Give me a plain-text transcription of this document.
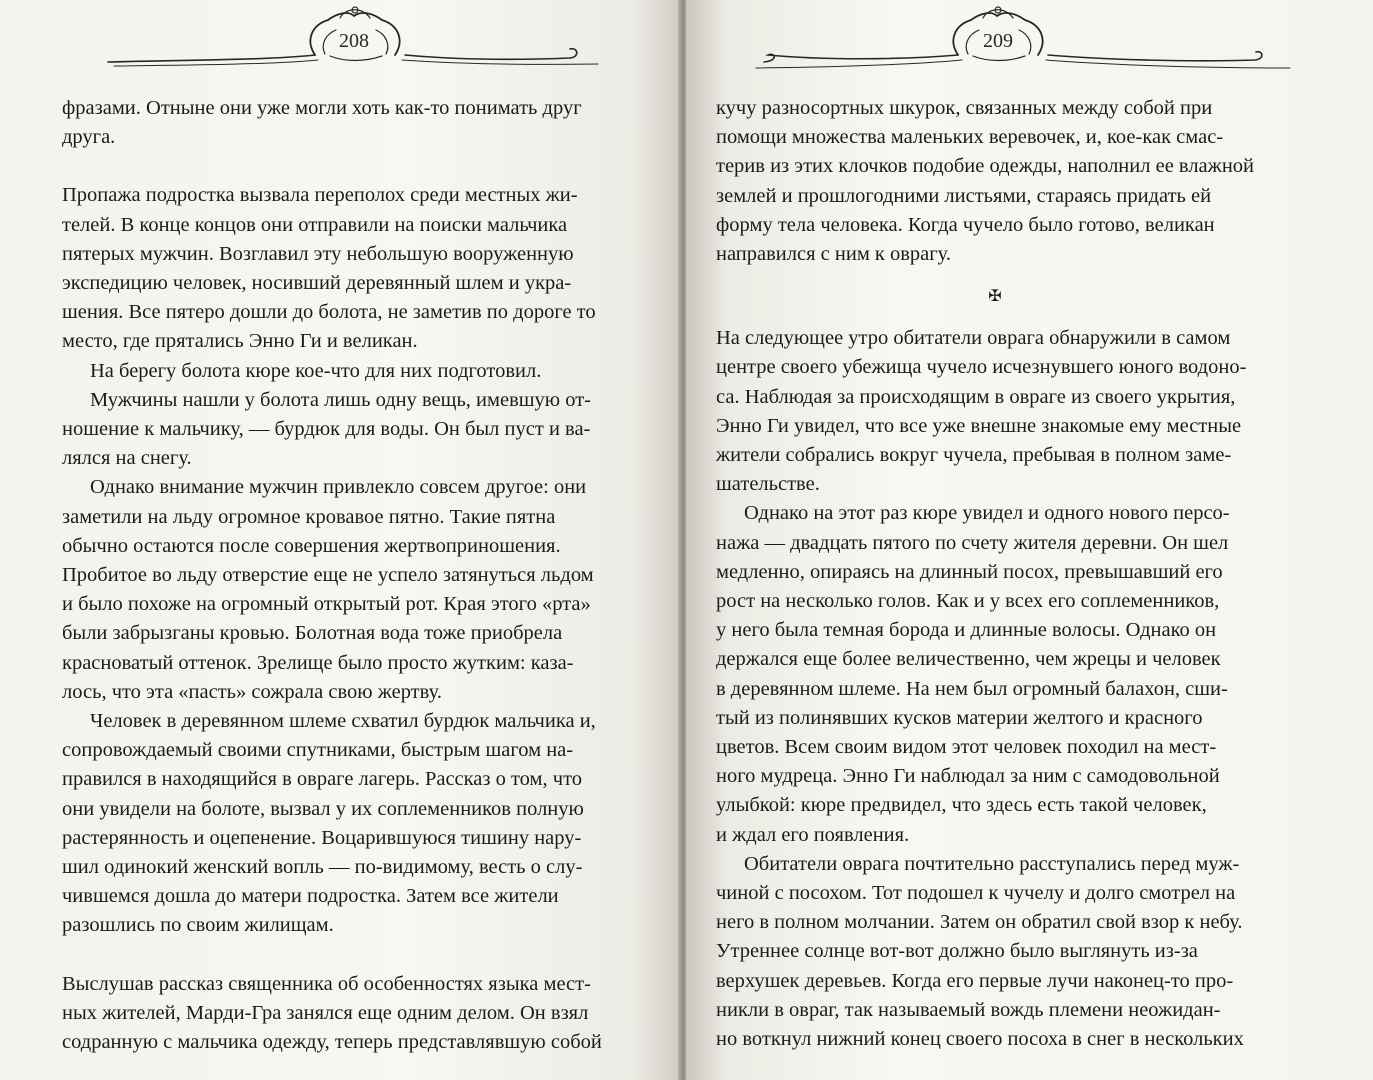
208
фразами. Отныне они уже могли хоть как-то понимать друг
друга.
Пропажа подростка вызвала переполох среди местных жи-
телей. В конце концов они отправили на поиски мальчика
пятерых мужчин. Возглавил эту небольшую вооруженную
экспедицию человек, носивший деревянный шлем и укра-
шения. Все пятеро дошли до болота, не заметив по дороге то
место, где прятались Энно Ги и великан.
На берегу болота кюре кое-что для них подготовил.
Мужчины нашли у болота лишь одну вещь, имевшую от-
ношение к мальчику, — бурдюк для воды. Он был пуст и ва-
лялся на снегу.
Однако внимание мужчин привлекло совсем другое: они
заметили на льду огромное кровавое пятно. Такие пятна
обычно остаются после совершения жертвоприношения.
Пробитое во льду отверстие еще не успело затянуться льдом
и было похоже на огромный открытый рот. Края этого «рта»
были забрызганы кровью. Болотная вода тоже приобрела
красноватый оттенок. Зрелище было просто жутким: каза-
лось, что эта «пасть» сожрала свою жертву.
Человек в деревянном шлеме схватил бурдюк мальчика и,
сопровождаемый своими спутниками, быстрым шагом на-
правился в находящийся в овраге лагерь. Рассказ о том, что
они увидели на болоте, вызвал у их соплеменников полную
растерянность и оцепенение. Воцарившуюся тишину нару-
шил одинокий женский вопль — по-видимому, весть о слу-
чившемся дошла до матери подростка. Затем все жители
разошлись по своим жилищам.
Выслушав рассказ священника об особенностях языка мест-
ных жителей, Марди-Гра занялся еще одним делом. Он взял
содранную с мальчика одежду, теперь представлявшую собой
209
кучу разносортных шкурок, связанных между собой при
помощи множества маленьких веревочек, и, кое-как смас-
терив из этих клочков подобие одежды, наполнил ее влажной
землей и прошлогодними листьями, стараясь придать ей
форму тела человека. Когда чучело было готово, великан
направился с ним к оврагу.
✠
На следующее утро обитатели оврага обнаружили в самом
центре своего убежища чучело исчезнувшего юного водоно-
са. Наблюдая за происходящим в овраге из своего укрытия,
Энно Ги увидел, что все уже внешне знакомые ему местные
жители собрались вокруг чучела, пребывая в полном заме-
шательстве.
Однако на этот раз кюре увидел и одного нового персо-
нажа — двадцать пятого по счету жителя деревни. Он шел
медленно, опираясь на длинный посох, превышавший его
рост на несколько голов. Как и у всех его соплеменников,
у него была темная борода и длинные волосы. Однако он
держался еще более величественно, чем жрецы и человек
в деревянном шлеме. На нем был огромный балахон, сши-
тый из полинявших кусков материи желтого и красного
цветов. Всем своим видом этот человек походил на мест-
ного мудреца. Энно Ги наблюдал за ним с самодовольной
улыбкой: кюре предвидел, что здесь есть такой человек,
и ждал его появления.
Обитатели оврага почтительно расступались перед муж-
чиной с посохом. Тот подошел к чучелу и долго смотрел на
него в полном молчании. Затем он обратил свой взор к небу.
Утреннее солнце вот-вот должно было выглянуть из-за
верхушек деревьев. Когда его первые лучи наконец-то про-
никли в овраг, так называемый вождь племени неожидан-
но воткнул нижний конец своего посоха в снег в нескольких
